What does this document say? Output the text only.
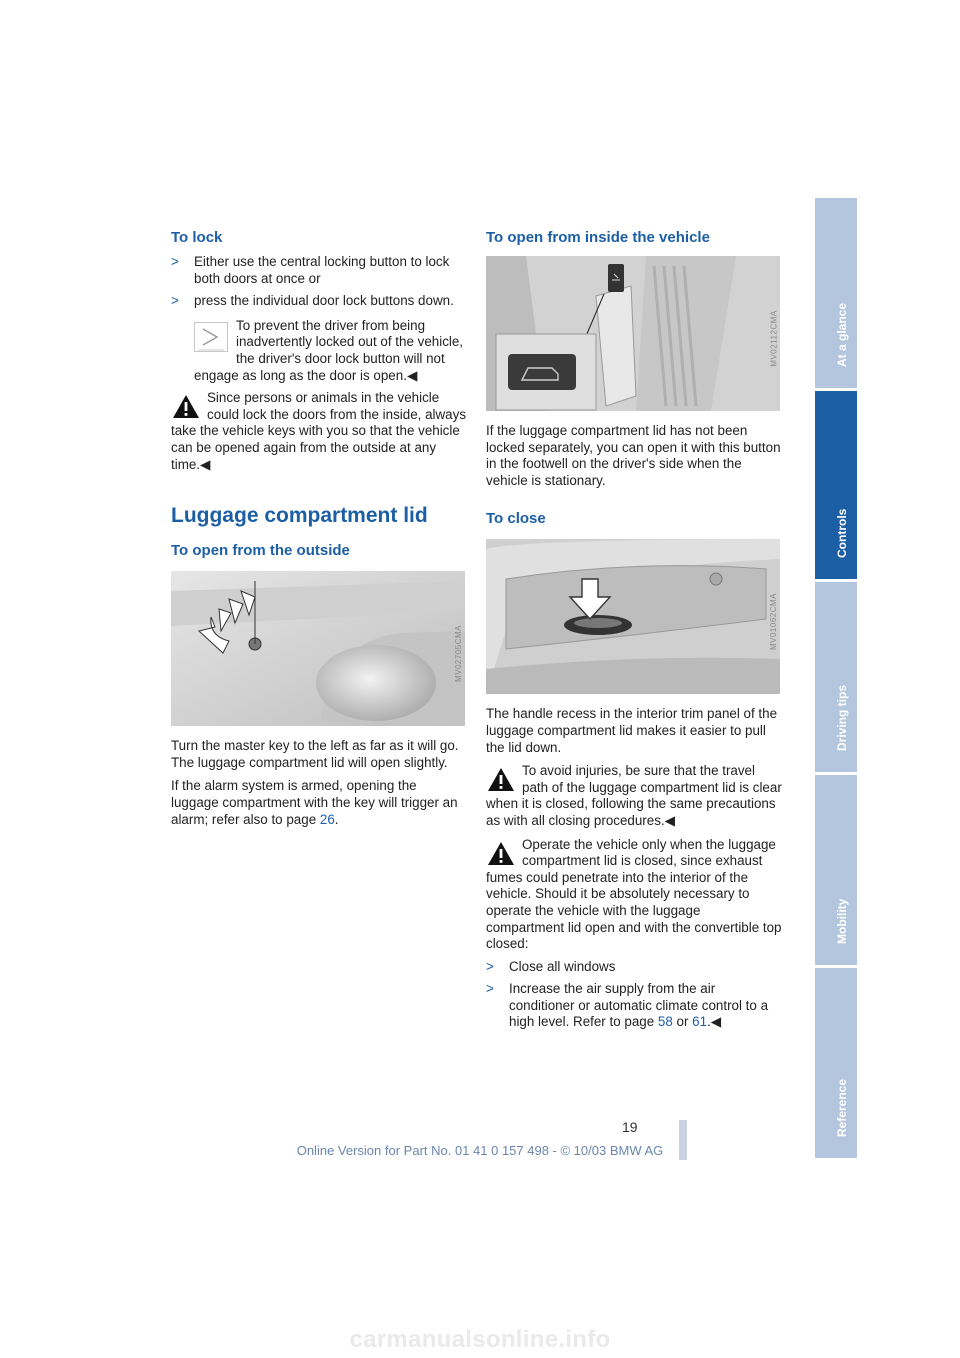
To lock
>	Either use the central locking button to lock both doors at once or
>	press the individual door lock buttons down.
To prevent the driver from being inadvertently locked out of the vehicle, the driver's door lock button will not engage as long as the door is open.◀
Since persons or animals in the vehicle could lock the doors from the inside, always take the vehicle keys with you so that the vehicle can be opened again from the outside at any time.◀
Luggage compartment lid
To open from the outside
MV02705CMA

Turn the master key to the left as far as it will go. The luggage compartment lid will open slightly.

If the alarm system is armed, opening the luggage compartment with the key will trigger an alarm; refer also to page 26.

To open from inside the vehicle
MV02112CMA

If the luggage compartment lid has not been locked separately, you can open it with this button in the footwell on the driver's side when the vehicle is stationary.

To close
MV01062CMA

The handle recess in the interior trim panel of the luggage compartment lid makes it easier to pull the lid down.

To avoid injuries, be sure that the travel path of the luggage compartment lid is clear when it is closed, following the same precautions as with all closing procedures.◀
Operate the vehicle only when the luggage compartment lid is closed, since exhaust fumes could penetrate into the interior of the vehicle. Should it be absolutely necessary to operate the vehicle with the luggage compartment lid open and with the convertible top closed:
>	Close all windows
>	Increase the air supply from the air conditioner or automatic climate control to a high level. Refer to page 58 or 61.◀
At a glance
Controls
Driving tips
Mobility
Reference
19
Online Version for Part No. 01 41 0 157 498 - © 10/03 BMW AG
carmanualsonline.info
